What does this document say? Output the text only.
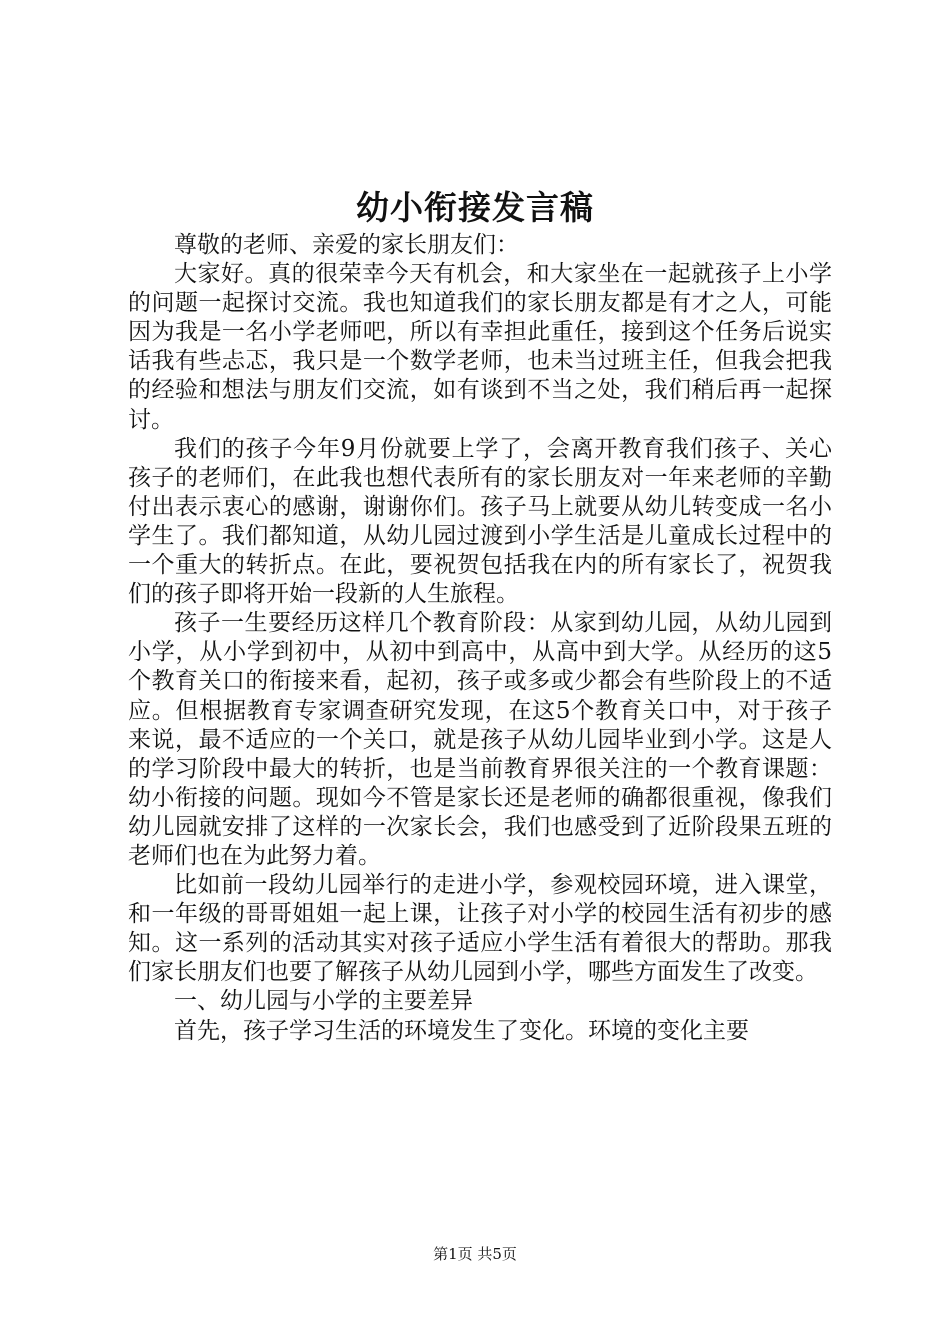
幼小衔接发言稿

尊敬的老师、亲爱的家长朋友们：

大家好。真的很荣幸今天有机会，和大家坐在一起就孩子上小学的问题一起探讨交流。我也知道我们的家长朋友都是有才之人，可能因为我是一名小学老师吧，所以有幸担此重任，接到这个任务后说实话我有些忐忑，我只是一个数学老师，也未当过班主任，但我会把我的经验和想法与朋友们交流，如有谈到不当之处，我们稍后再一起探讨。

我们的孩子今年9月份就要上学了，会离开教育我们孩子、关心孩子的老师们，在此我也想代表所有的家长朋友对一年来老师的辛勤付出表示衷心的感谢，谢谢你们。孩子马上就要从幼儿转变成一名小学生了。我们都知道，从幼儿园过渡到小学生活是儿童成长过程中的一个重大的转折点。在此，要祝贺包括我在内的所有家长了，祝贺我们的孩子即将开始一段新的人生旅程。

孩子一生要经历这样几个教育阶段：从家到幼儿园，从幼儿园到小学，从小学到初中，从初中到高中，从高中到大学。从经历的这5个教育关口的衔接来看，起初，孩子或多或少都会有些阶段上的不适应。但根据教育专家调查研究发现，在这5个教育关口中，对于孩子来说，最不适应的一个关口，就是孩子从幼儿园毕业到小学。这是人的学习阶段中最大的转折，也是当前教育界很关注的一个教育课题：幼小衔接的问题。现如今不管是家长还是老师的确都很重视，像我们幼儿园就安排了这样的一次家长会，我们也感受到了近阶段果五班的老师们也在为此努力着。

比如前一段幼儿园举行的走进小学，参观校园环境，进入课堂，和一年级的哥哥姐姐一起上课，让孩子对小学的校园生活有初步的感知。这一系列的活动其实对孩子适应小学生活有着很大的帮助。那我们家长朋友们也要了解孩子从幼儿园到小学，哪些方面发生了改变。

一、幼儿园与小学的主要差异

首先，孩子学习生活的环境发生了变化。环境的变化主要

第1页 共5页
